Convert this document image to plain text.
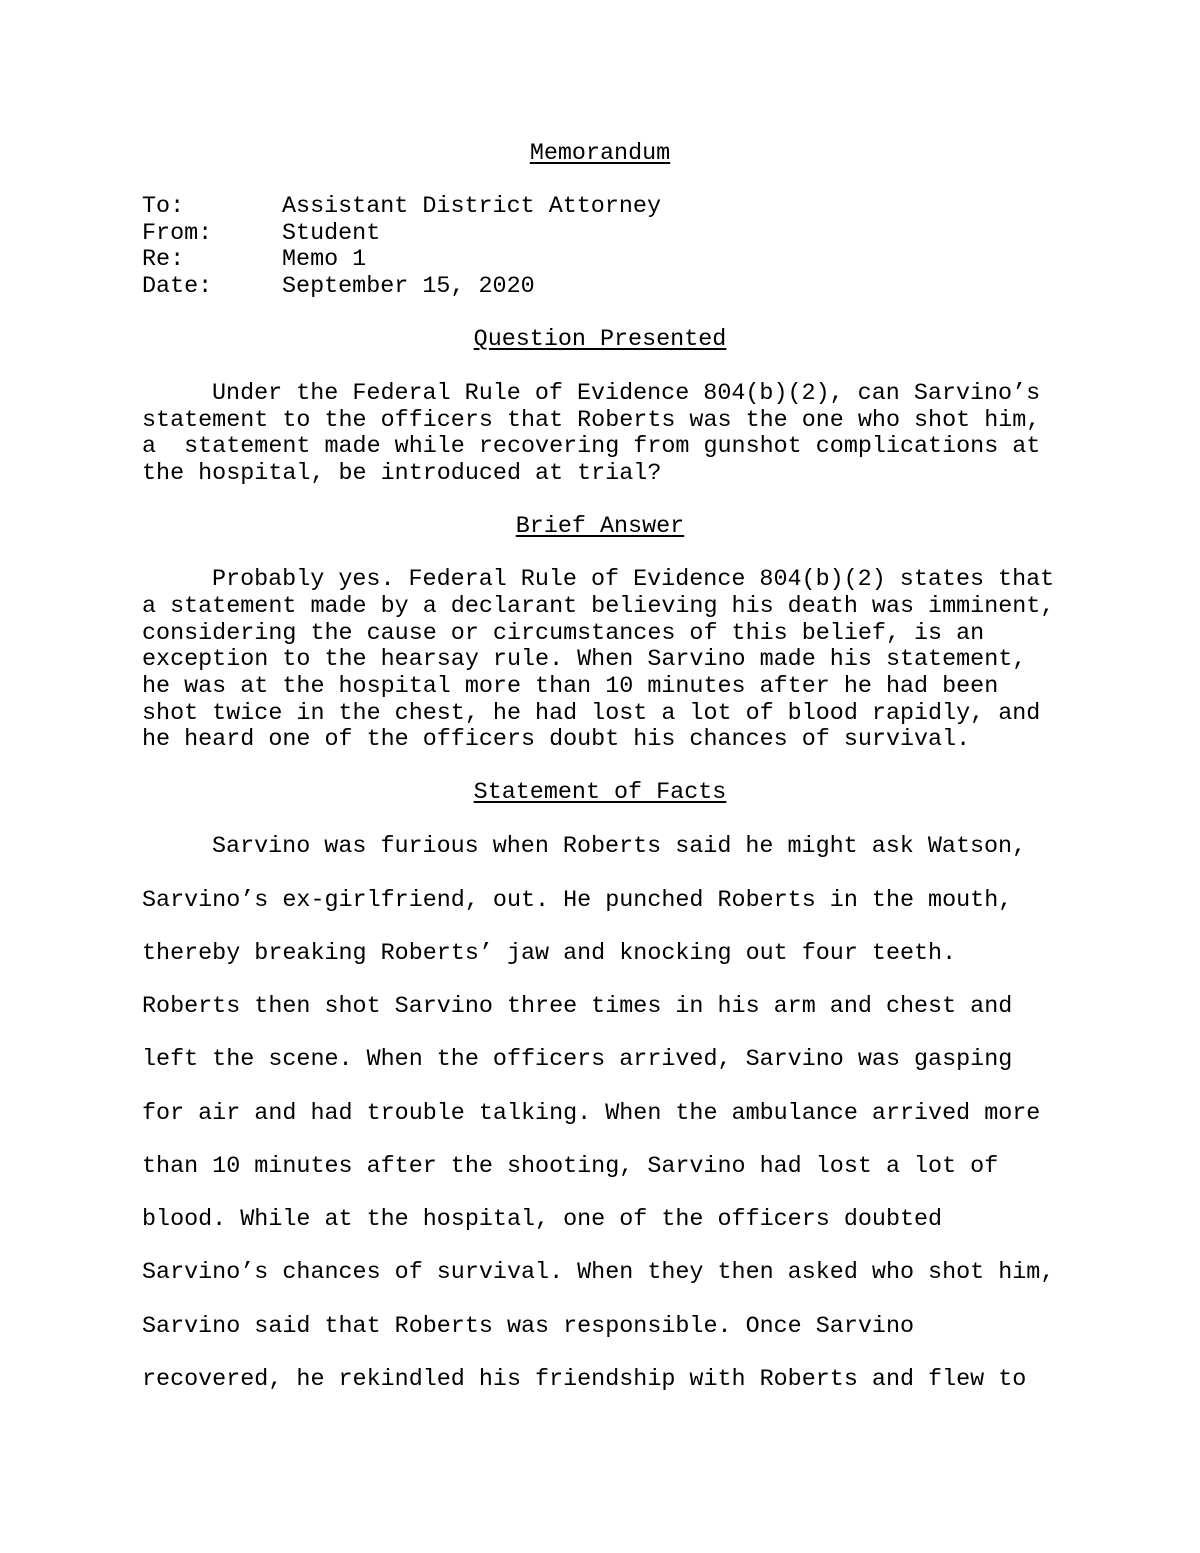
Memorandum

To:	Assistant District Attorney

From:	Student

Re:	Memo 1

Date:	September 15, 2020

Question Presented

Under the Federal Rule of Evidence 804(b)(2), can Sarvino’s

statement to the officers that Roberts was the one who shot him,

a  statement made while recovering from gunshot complications at

the hospital, be introduced at trial?

Brief Answer

Probably yes. Federal Rule of Evidence 804(b)(2) states that

a statement made by a declarant believing his death was imminent,

considering the cause or circumstances of this belief, is an

exception to the hearsay rule. When Sarvino made his statement,

he was at the hospital more than 10 minutes after he had been

shot twice in the chest, he had lost a lot of blood rapidly, and

he heard one of the officers doubt his chances of survival.

Statement of Facts

Sarvino was furious when Roberts said he might ask Watson,

Sarvino’s ex-girlfriend, out. He punched Roberts in the mouth,

thereby breaking Roberts’ jaw and knocking out four teeth.

Roberts then shot Sarvino three times in his arm and chest and

left the scene. When the officers arrived, Sarvino was gasping

for air and had trouble talking. When the ambulance arrived more

than 10 minutes after the shooting, Sarvino had lost a lot of

blood. While at the hospital, one of the officers doubted

Sarvino’s chances of survival. When they then asked who shot him,

Sarvino said that Roberts was responsible. Once Sarvino

recovered, he rekindled his friendship with Roberts and flew to
